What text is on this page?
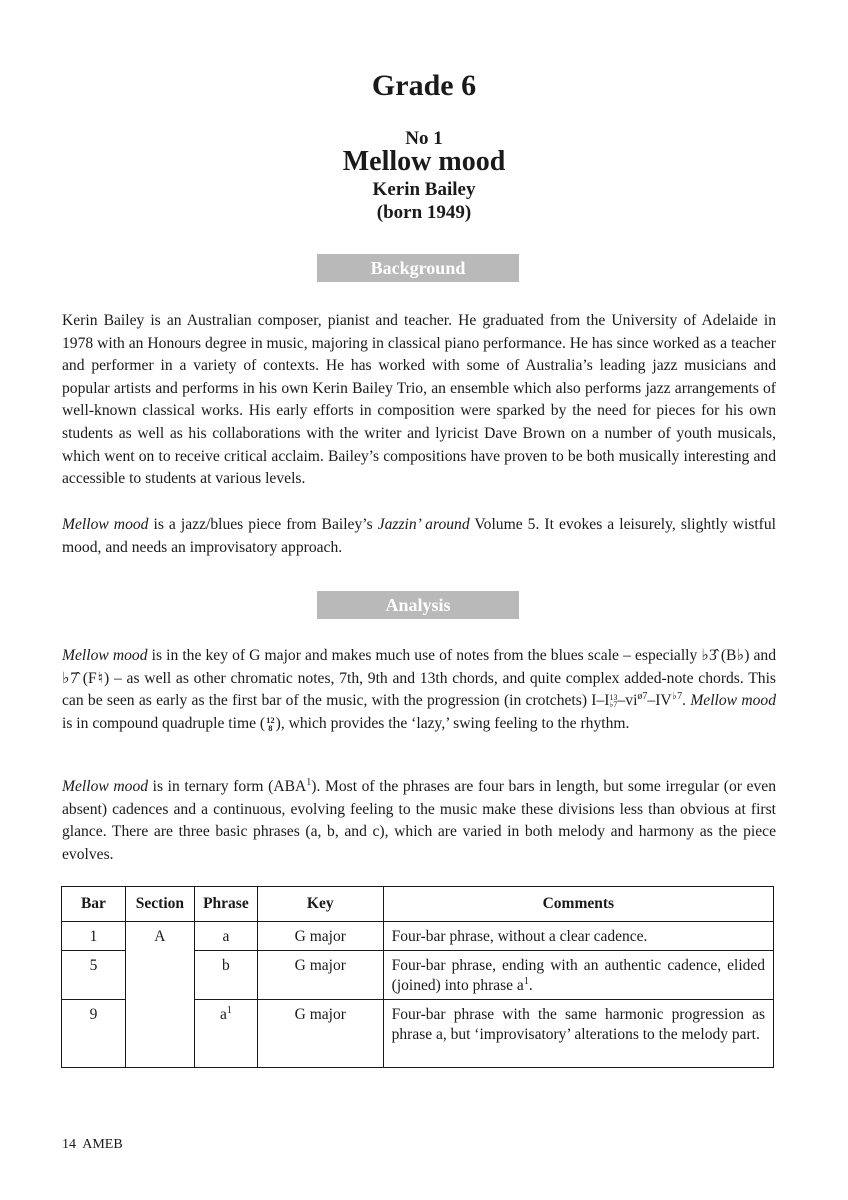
Grade 6
No 1
Mellow mood
Kerin Bailey
(born 1949)
Background

Kerin Bailey is an Australian composer, pianist and teacher. He graduated from the University of Adelaide in 1978 with an Honours degree in music, majoring in classical piano performance. He has since worked as a teacher and performer in a variety of contexts. He has worked with some of Australia’s leading jazz musicians and popular artists and performs in his own Kerin Bailey Trio, an ensemble which also performs jazz arrangements of well-known classical works. His early efforts in composition were sparked by the need for pieces for his own students as well as his collaborations with the writer and lyricist Dave Brown on a number of youth musicals, which went on to receive critical acclaim. Bailey’s compositions have proven to be both musically interesting and accessible to students at various levels.

Mellow mood is a jazz/blues piece from Bailey’s Jazzin’ around Volume 5. It evokes a leisurely, slightly wistful mood, and needs an improvisatory approach.

Analysis

Mellow mood is in the key of G major and makes much use of notes from the blues scale – especially ♭3̂ (B♭) and ♭7̂ (F♮) – as well as other chromatic notes, 7th, 9th and 13th chords, and quite complex added-note chords. This can be seen as early as the first bar of the music, with the progression (in crotchets) I–I 13
♭7 $-vi^{ø7}-IV^{♭7}$. Mellow mood is in compound quadruple time ( 12
8 ), which provides the ‘lazy,’ swing feeling to the rhythm.

Mellow mood is in ternary form (ABA$^1$). Most of the phrases are four bars in length, but some irregular (or even absent) cadences and a continuous, evolving feeling to the music make these divisions less than obvious at first glance. There are three basic phrases (a, b, and c), which are varied in both melody and harmony as the piece evolves.

Bar	Section	Phrase	Key	Comments
1	A	a	G major	Four-bar phrase, without a clear cadence.
5		b	G major	Four-bar phrase, ending with an authentic cadence, elided (joined) into phrase $a^1$.
9		$a^1$	G major	Four-bar phrase with the same harmonic progression as phrase a, but ‘improvisatory’ alterations to the melody part.
14  AMEB
